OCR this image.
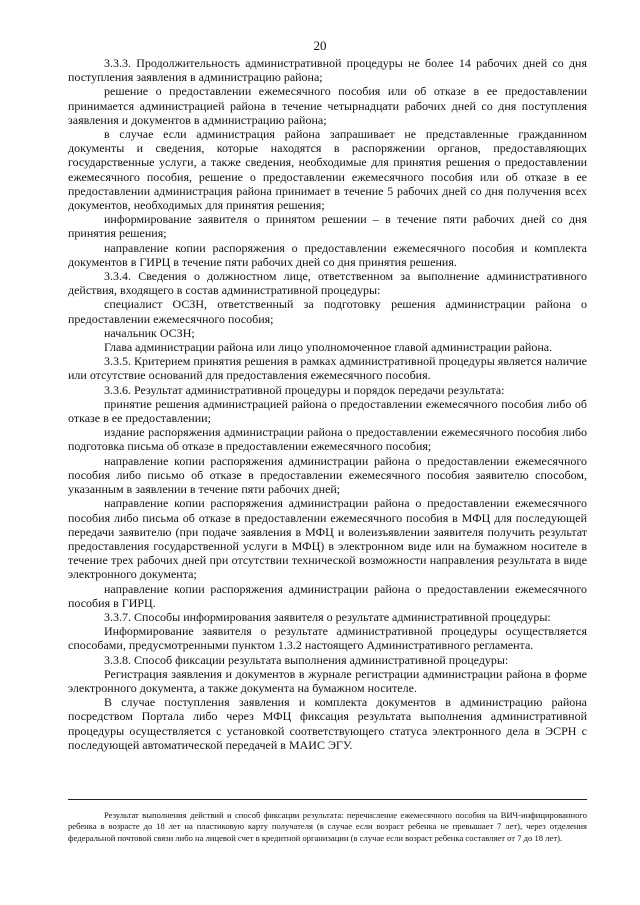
20

3.3.3. Продолжительность административной процедуры не более 14 рабочих дней со дня поступления заявления в администрацию района;

решение о предоставлении ежемесячного пособия или об отказе в ее предоставлении принимается администрацией района в течение четырнадцати рабочих дней со дня поступления заявления и документов в администрацию района;

в случае если администрация района запрашивает не представленные гражданином документы и сведения, которые находятся в распоряжении органов, предоставляющих государственные услуги, а также сведения, необходимые для принятия решения о предоставлении ежемесячного пособия, решение о предоставлении ежемесячного пособия или об отказе в ее предоставлении администрация района принимает в течение 5 рабочих дней со дня получения всех документов, необходимых для принятия решения;

информирование заявителя о принятом решении – в течение пяти рабочих дней со дня принятия решения;

направление копии распоряжения о предоставлении ежемесячного пособия и комплекта документов в ГИРЦ в течение пяти рабочих дней со дня принятия решения.

3.3.4. Сведения о должностном лице, ответственном за выполнение административного действия, входящего в состав административной процедуры:

специалист ОСЗН, ответственный за подготовку решения администрации района о предоставлении ежемесячного пособия;

начальник ОСЗН;

Глава администрации района или лицо уполномоченное главой администрации района.

3.3.5. Критерием принятия решения в рамках административной процедуры является наличие или отсутствие оснований для предоставления ежемесячного пособия.

3.3.6. Результат административной процедуры и порядок передачи результата:

принятие решения администрацией района о предоставлении ежемесячного пособия либо об отказе в ее предоставлении;

издание распоряжения администрации района о предоставлении ежемесячного пособия либо подготовка письма об отказе в предоставлении ежемесячного пособия;

направление копии распоряжения администрации района о предоставлении ежемесячного пособия либо письмо об отказе в предоставлении ежемесячного пособия заявителю способом, указанным в заявлении в течение пяти рабочих дней;

направление копии распоряжения администрации района о предоставлении ежемесячного пособия либо письма об отказе в предоставлении ежемесячного пособия в МФЦ для последующей передачи заявителю (при подаче заявления в МФЦ и волеизъявлении заявителя получить результат предоставления государственной услуги в МФЦ) в электронном виде или на бумажном носителе в течение трех рабочих дней при отсутствии технической возможности направления результата в виде электронного документа;

направление копии распоряжения администрации района о предоставлении ежемесячного пособия в ГИРЦ.

3.3.7. Способы информирования заявителя о результате административной процедуры:

Информирование заявителя о результате административной процедуры осуществляется способами, предусмотренными пунктом 1.3.2 настоящего Административного регламента.

3.3.8. Способ фиксации результата выполнения административной процедуры:

Регистрация заявления и документов в журнале регистрации администрации района в форме электронного документа, а также документа на бумажном носителе.

В случае поступления заявления и комплекта документов в администрацию района посредством Портала либо через МФЦ фиксация результата выполнения административной процедуры осуществляется с установкой соответствующего статуса электронного дела в ЭСРН с последующей автоматической передачей в МАИС ЭГУ.

Результат выполнения действий и способ фиксации результата: перечисление ежемесячного пособия на ВИЧ-инфицированного ребенка в возрасте до 18 лет на пластиковую карту получателя (в случае если возраст ребенка не превышает 7 лет), через отделения федеральной почтовой связи либо на лицевой счет в кредитной организации (в случае если возраст ребенка составляет от 7 до 18 лет).
